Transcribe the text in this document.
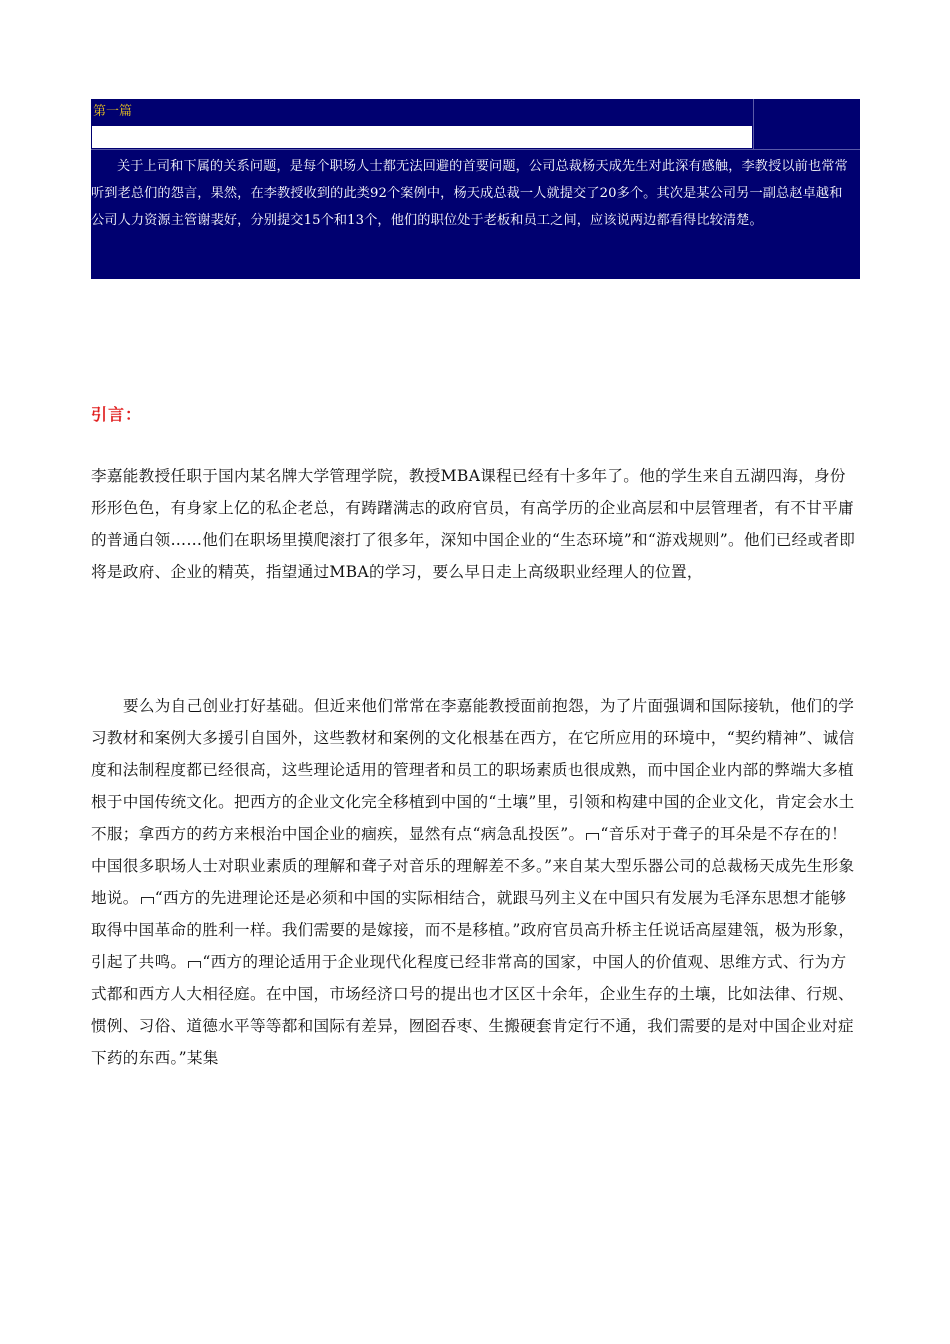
第一篇

关于上司和下属的关系问题，是每个职场人士都无法回避的首要问题，公司总裁杨天成先生对此深有感触，李教授以前也常常听到老总们的怨言，果然，在李教授收到的此类92个案例中，杨天成总裁一人就提交了20多个。其次是某公司另一副总赵卓越和公司人力资源主管谢裴好，分别提交15个和13个，他们的职位处于老板和员工之间，应该说两边都看得比较清楚。

引言：

李嘉能教授任职于国内某名牌大学管理学院，教授MBA课程已经有十多年了。他的学生来自五湖四海，身份形形色色，有身家上亿的私企老总，有踌躇满志的政府官员，有高学历的企业高层和中层管理者，有不甘平庸的普通白领……他们在职场里摸爬滚打了很多年，深知中国企业的“生态环境”和“游戏规则”。他们已经或者即将是政府、企业的精英，指望通过MBA的学习，要么早日走上高级职业经理人的位置，

要么为自己创业打好基础。但近来他们常常在李嘉能教授面前抱怨，为了片面强调和国际接轨，他们的学习教材和案例大多援引自国外，这些教材和案例的文化根基在西方，在它所应用的环境中，“契约精神”、诚信度和法制程度都已经很高，这些理论适用的管理者和员工的职场素质也很成熟，而中国企业内部的弊端大多植根于中国传统文化。把西方的企业文化完全移植到中国的“土壤”里，引领和构建中国的企业文化，肯定会水土不服；拿西方的药方来根治中国企业的痼疾，显然有点“病急乱投医”。 “音乐对于聋子的耳朵是不存在的！中国很多职场人士对职业素质的理解和聋子对音乐的理解差不多。”来自某大型乐器公司的总裁杨天成先生形象地说。 “西方的先进理论还是必须和中国的实际相结合，就跟马列主义在中国只有发展为毛泽东思想才能够取得中国革命的胜利一样。我们需要的是嫁接，而不是移植。”政府官员高升桥主任说话高屋建瓴，极为形象，引起了共鸣。 “西方的理论适用于企业现代化程度已经非常高的国家，中国人的价值观、思维方式、行为方式都和西方人大相径庭。在中国，市场经济口号的提出也才区区十余年，企业生存的土壤，比如法律、行规、惯例、习俗、道德水平等等都和国际有差异，囫囵吞枣、生搬硬套肯定行不通，我们需要的是对中国企业对症下药的东西。”某集
